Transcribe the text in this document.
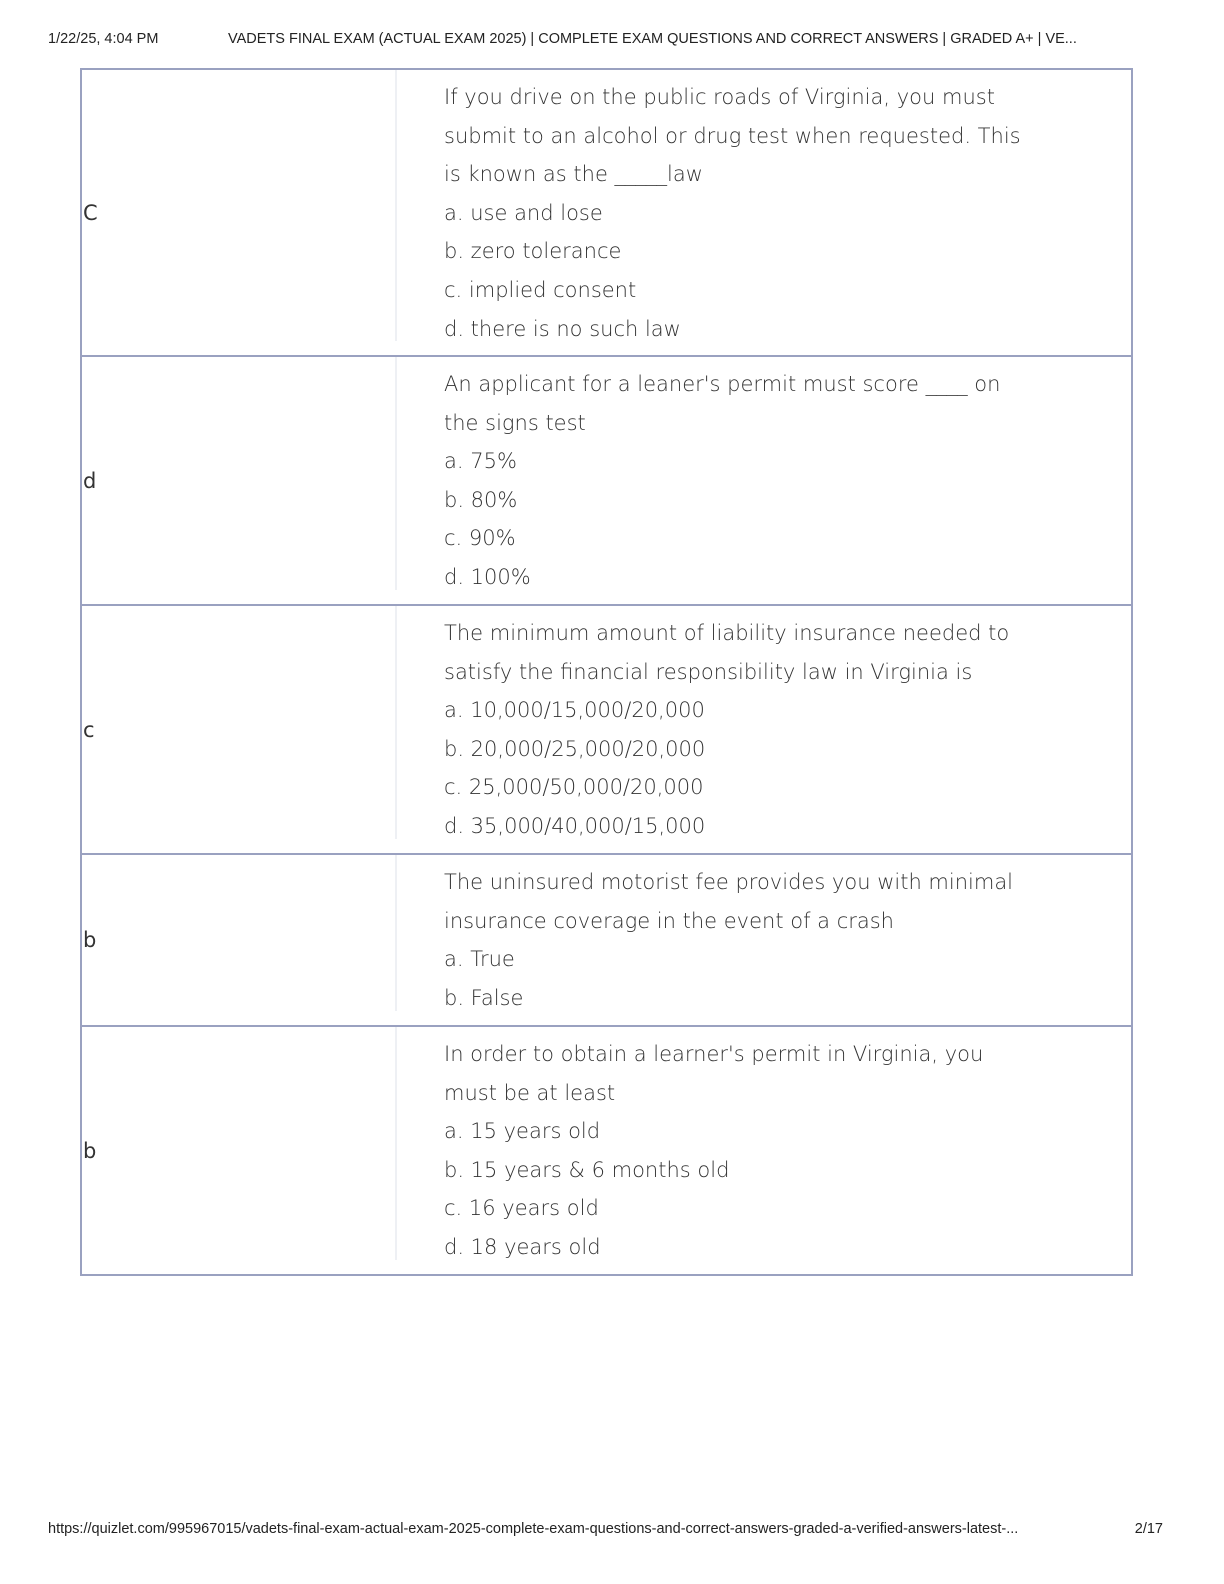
1/22/25, 4:04 PM	VADETS FINAL EXAM (ACTUAL EXAM 2025) | COMPLETE EXAM QUESTIONS AND CORRECT ANSWERS | GRADED A+ | VE...
C
If you drive on the public roads of Virginia, you must
submit to an alcohol or drug test when requested. This
is known as the _____law
a. use and lose
b. zero tolerance
c. implied consent
d. there is no such law
d
An applicant for a leaner's permit must score ____ on
the signs test
a. 75%
b. 80%
c. 90%
d. 100%
c
The minimum amount of liability insurance needed to
satisfy the financial responsibility law in Virginia is
a. 10,000/15,000/20,000
b. 20,000/25,000/20,000
c. 25,000/50,000/20,000
d. 35,000/40,000/15,000
b
The uninsured motorist fee provides you with minimal
insurance coverage in the event of a crash
a. True
b. False
b
In order to obtain a learner's permit in Virginia, you
must be at least
a. 15 years old
b. 15 years & 6 months old
c. 16 years old
d. 18 years old
https://quizlet.com/995967015/vadets-final-exam-actual-exam-2025-complete-exam-questions-and-correct-answers-graded-a-verified-answers-latest-...	2/17
